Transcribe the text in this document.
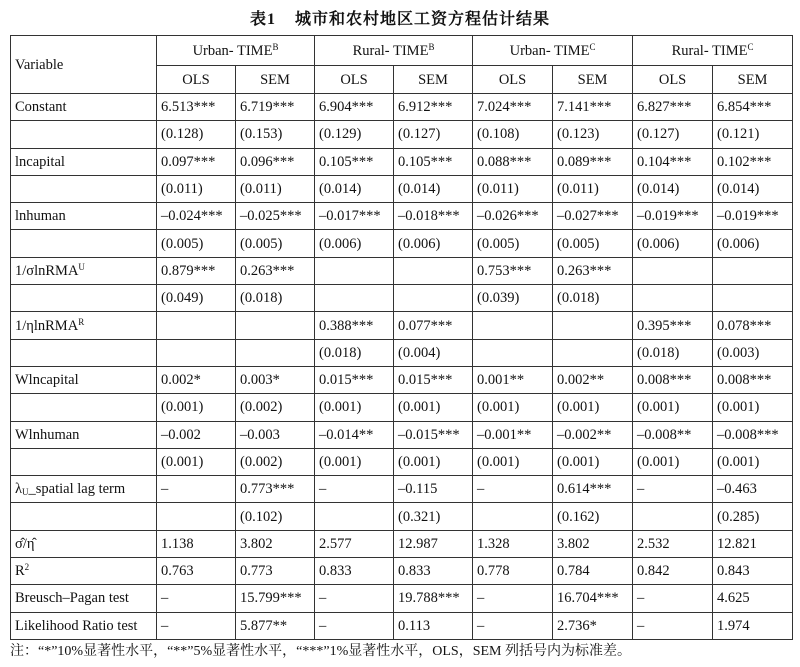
表1 城市和农村地区工资方程估计结果
Variable	Urban- $TIME^B$		Rural- $TIME^B$		Urban- $TIME^C$		Rural- $TIME^C$
	OLS	SEM	OLS	SEM	OLS	SEM	OLS	SEM
Constant	6.513***	6.719***	6.904***	6.912***	7.024***	7.141***	6.827***	6.854***
	(0.128)	(0.153)	(0.129)	(0.127)	(0.108)	(0.123)	(0.127)	(0.121)
lncapital	0.097***	0.096***	0.105***	0.105***	0.088***	0.089***	0.104***	0.102***
	(0.011)	(0.011)	(0.014)	(0.014)	(0.011)	(0.011)	(0.014)	(0.014)
lnhuman	–0.024***	–0.025***	–0.017***	–0.018***	–0.026***	–0.027***	–0.019***	–0.019***
	(0.005)	(0.005)	(0.006)	(0.006)	(0.005)	(0.005)	(0.006)	(0.006)
1/σlnRMA$^U$	0.879***	0.263***			0.753***	0.263***		
	(0.049)	(0.018)			(0.039)	(0.018)		
1/ηlnRMA$^R$			0.388***	0.077***			0.395***	0.078***
			(0.018)	(0.004)			(0.018)	(0.003)
Wlncapital	0.002*	0.003*	0.015***	0.015***	0.001**	0.002**	0.008***	0.008***
	(0.001)	(0.002)	(0.001)	(0.001)	(0.001)	(0.001)	(0.001)	(0.001)
Wlnhuman	–0.002	–0.003	–0.014**	–0.015***	–0.001**	–0.002**	–0.008**	–0.008***
	(0.001)	(0.002)	(0.001)	(0.001)	(0.001)	(0.001)	(0.001)	(0.001)
$\lambda_U\_spatial$ lag term	–	0.773***	–	–0.115	–	0.614***	–	–0.463
		(0.102)		(0.321)		(0.162)		(0.285)
σ̂/η̂	1.138	3.802	2.577	12.987	1.328	3.802	2.532	12.821
$R^2$	0.763	0.773	0.833	0.833	0.778	0.784	0.842	0.843
Breusch–Pagan test	–	15.799***	–	19.788***	–	16.704***	–	4.625
Likelihood Ratio test	–	5.877**	–	0.113	–	2.736*	–	1.974
注：“*”10%显著性水平，“**”5%显著性水平，“***”1%显著性水平，OLS，SEM 列括号内为标准差。
